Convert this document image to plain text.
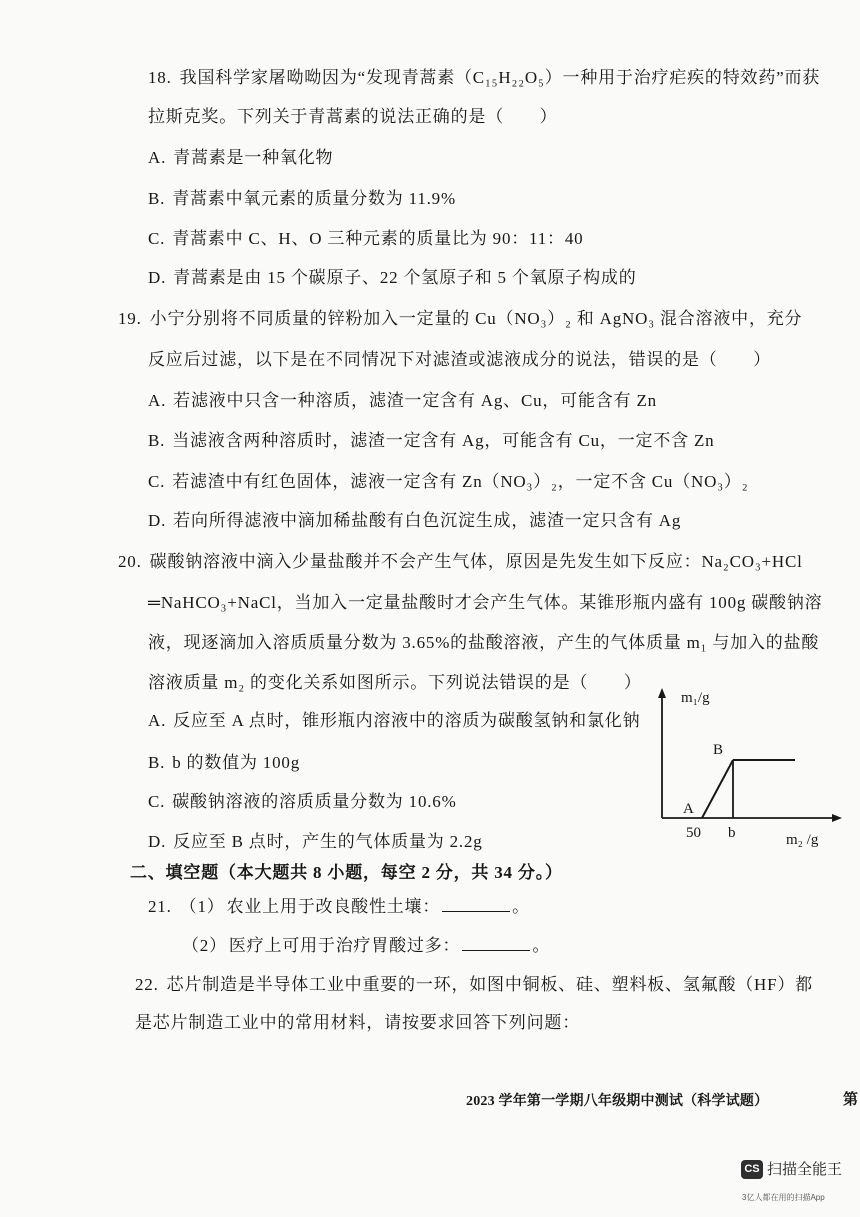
18. 我国科学家屠呦呦因为“发现青蒿素（C₁₅H₂₂O₅）一种用于治疗疟疾的特效药”而获
拉斯克奖。下列关于青蒿素的说法正确的是（　　）
A. 青蒿素是一种氧化物
B. 青蒿素中氧元素的质量分数为 11.9%
C. 青蒿素中 C、H、O 三种元素的质量比为 90：11：40
D. 青蒿素是由 15 个碳原子、22 个氢原子和 5 个氧原子构成的
19. 小宁分别将不同质量的锌粉加入一定量的 Cu（NO₃）₂ 和 AgNO₃ 混合溶液中，充分
反应后过滤，以下是在不同情况下对滤渣或滤液成分的说法，错误的是（　　）
A. 若滤液中只含一种溶质，滤渣一定含有 Ag、Cu，可能含有 Zn
B. 当滤液含两种溶质时，滤渣一定含有 Ag，可能含有 Cu，一定不含 Zn
C. 若滤渣中有红色固体，滤液一定含有 Zn（NO₃）₂，一定不含 Cu（NO₃）₂
D. 若向所得滤液中滴加稀盐酸有白色沉淀生成，滤渣一定只含有 Ag
20. 碳酸钠溶液中滴入少量盐酸并不会产生气体，原因是先发生如下反应：Na₂CO₃+HCl
═NaHCO₃+NaCl，当加入一定量盐酸时才会产生气体。某锥形瓶内盛有 100g 碳酸钠溶
液，现逐滴加入溶质质量分数为 3.65%的盐酸溶液，产生的气体质量 m₁ 与加入的盐酸
溶液质量 m₂ 的变化关系如图所示。下列说法错误的是（　　）
A. 反应至 A 点时，锥形瓶内溶液中的溶质为碳酸氢钠和氯化钠
B. b 的数值为 100g
C. 碳酸钠溶液的溶质质量分数为 10.6%
D. 反应至 B 点时，产生的气体质量为 2.2g
m₁/g
B
A
50 b	m₂ /g
二、填空题（本大题共 8 小题，每空 2 分，共 34 分。）
21. （1） 农业上用于改良酸性土壤：	。
（2） 医疗上可用于治疗胃酸过多：	。
22. 芯片制造是半导体工业中重要的一环，如图中铜板、硅、塑料板、氢氟酸（HF）都
是芯片制造工业中的常用材料，请按要求回答下列问题：
2023 学年第一学期八年级期中测试（科学试题）	第
CS 扫描全能王
3亿人都在用的扫描App
